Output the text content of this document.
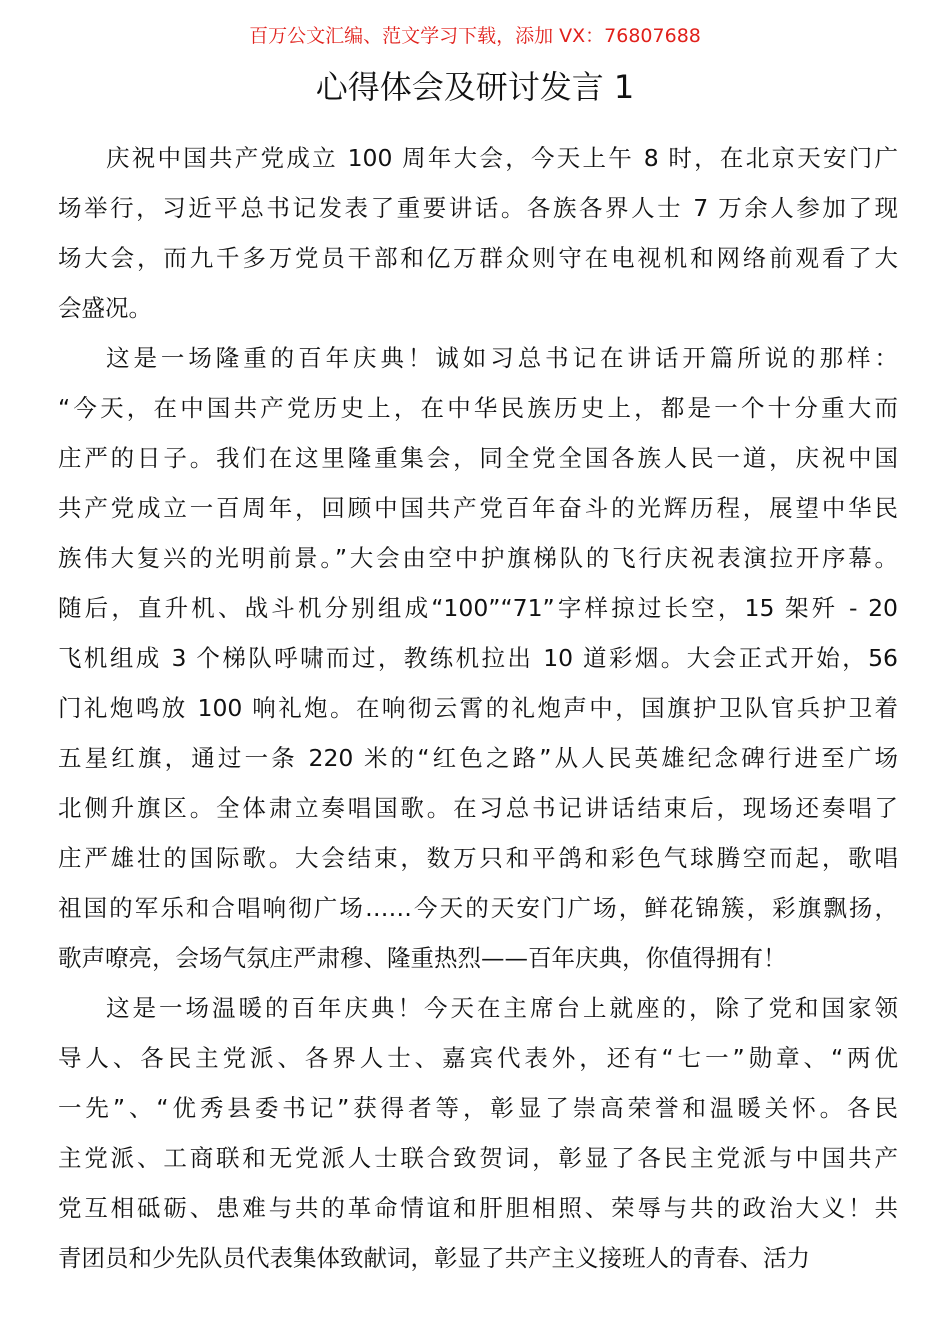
百万公文汇编、范文学习下载，添加 VX：76807688
心得体会及研讨发言 1
庆祝中国共产党成立 100 周年大会，今天上午 8 时，在北京天安门广
场举行，习近平总书记发表了重要讲话。各族各界人士 7 万余人参加了现
场大会，而九千多万党员干部和亿万群众则守在电视机和网络前观看了大
会盛况。
这是一场隆重的百年庆典！诚如习总书记在讲话开篇所说的那样：
“今天，在中国共产党历史上，在中华民族历史上，都是一个十分重大而
庄严的日子。我们在这里隆重集会，同全党全国各族人民一道，庆祝中国
共产党成立一百周年，回顾中国共产党百年奋斗的光辉历程，展望中华民
族伟大复兴的光明前景。”大会由空中护旗梯队的飞行庆祝表演拉开序幕。
随后，直升机、战斗机分别组成“100”“71”字样掠过长空，15 架歼 - 20
飞机组成 3 个梯队呼啸而过，教练机拉出 10 道彩烟。大会正式开始，56
门礼炮鸣放 100 响礼炮。在响彻云霄的礼炮声中，国旗护卫队官兵护卫着
五星红旗，通过一条 220 米的“红色之路”从人民英雄纪念碑行进至广场
北侧升旗区。全体肃立奏唱国歌。在习总书记讲话结束后，现场还奏唱了
庄严雄壮的国际歌。大会结束，数万只和平鸽和彩色气球腾空而起，歌唱
祖国的军乐和合唱响彻广场……今天的天安门广场，鲜花锦簇，彩旗飘扬，
歌声嘹亮，会场气氛庄严肃穆、隆重热烈——百年庆典，你值得拥有！
这是一场温暖的百年庆典！今天在主席台上就座的，除了党和国家领
导人、各民主党派、各界人士、嘉宾代表外，还有“七一”勋章、“两优
一先”、“优秀县委书记”获得者等，彰显了崇高荣誉和温暖关怀。各民
主党派、工商联和无党派人士联合致贺词，彰显了各民主党派与中国共产
党互相砥砺、患难与共的革命情谊和肝胆相照、荣辱与共的政治大义！共
青团员和少先队员代表集体致献词，彰显了共产主义接班人的青春、活力
